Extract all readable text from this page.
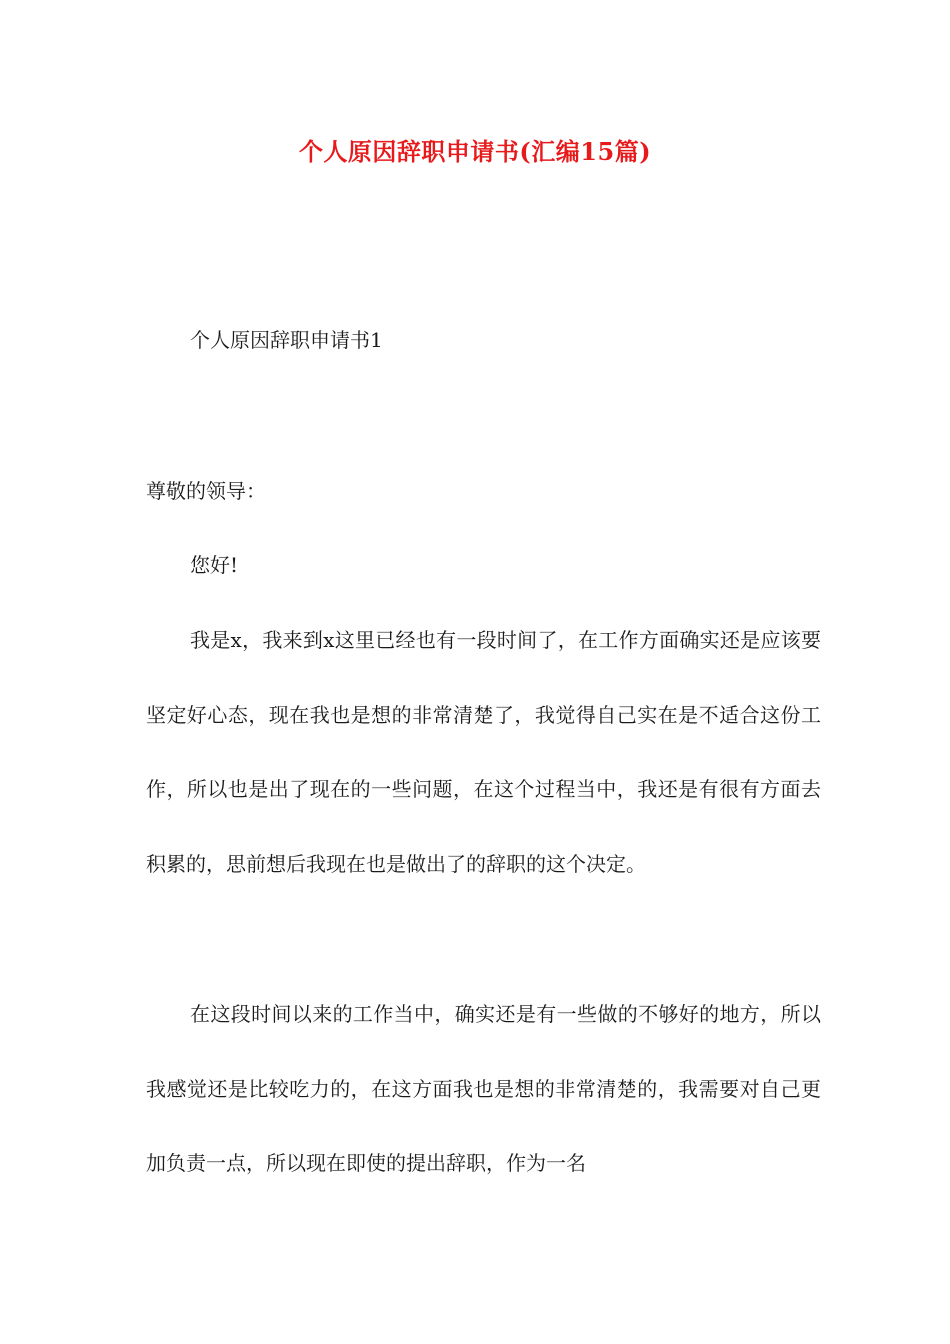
个人原因辞职申请书(汇编15篇)
个人原因辞职申请书1
尊敬的领导：
您好!

我是x，我来到x这里已经也有一段时间了，在工作方面确实还是应该要坚定好心态，现在我也是想的非常清楚了，我觉得自己实在是不适合这份工作，所以也是出了现在的一些问题，在这个过程当中，我还是有很有方面去积累的，思前想后我现在也是做出了的辞职的这个决定。

在这段时间以来的工作当中，确实还是有一些做的不够好的地方，所以我感觉还是比较吃力的，在这方面我也是想的非常清楚的，我需要对自己更加负责一点，所以现在即使的提出辞职，作为一名
